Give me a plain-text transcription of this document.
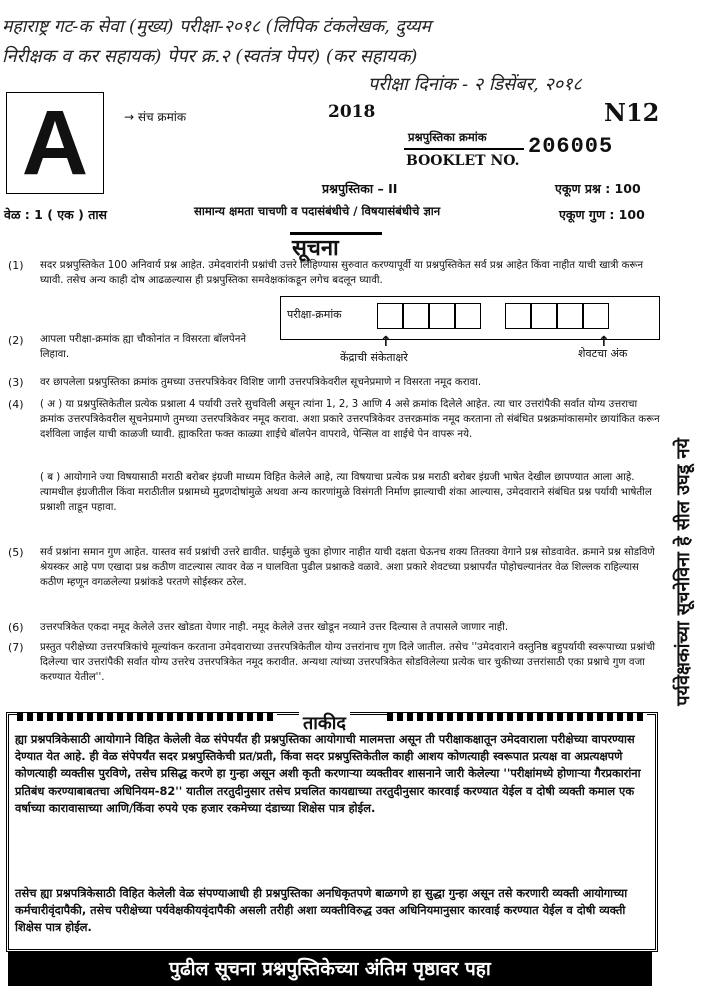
महाराष्ट्र गट-क सेवा (मुख्य) परीक्षा-२०१८ (लिपिक टंकलेखक, दुय्यम
निरीक्षक व कर सहायक) पेपर क्र.२ (स्वतंत्र पेपर) (कर सहायक)
परीक्षा दिनांक - २ डिसेंबर, २०१८
A	→ संच क्रमांक	2018	N12
प्रश्नपुस्तिका क्रमांक
BOOKLET NO.
206005
प्रश्नपुस्तिका – II	एकूण प्रश्न : 100
वेळ : 1 ( एक ) तास	सामान्य क्षमता चाचणी व पदासंबंधीचे / विषयासंबंधीचे ज्ञान	एकूण गुण : 100
सूचना
(1) सदर प्रश्नपुस्तिकेत 100 अनिवार्य प्रश्न आहेत. उमेदवारांनी प्रश्नांची उत्तरे लिहिण्यास सुरुवात करण्यापूर्वी या प्रश्नपुस्तिकेत सर्व प्रश्न आहेत किंवा नाहीत याची खात्री करून घ्यावी. तसेच अन्य काही दोष आढळल्यास ही प्रश्नपुस्तिका समवेक्षकांकडून लगेच बदलून घ्यावी.
परीक्षा-क्रमांक
↑
केंद्राची संकेताक्षरे
↑
शेवटचा अंक
(2) आपला परीक्षा-क्रमांक ह्या चौकोनांत न विसरता बॉलपेनने लिहावा.
(3) वर छापलेला प्रश्नपुस्तिका क्रमांक तुमच्या उत्तरपत्रिकेवर विशिष्ट जागी उत्तरपत्रिकेवरील सूचनेप्रमाणे न विसरता नमूद करावा.
(4) ( अ ) या प्रश्नपुस्तिकेतील प्रत्येक प्रश्नाला 4 पर्यायी उत्तरे सुचविली असून त्यांना 1, 2, 3 आणि 4 असे क्रमांक दिलेले आहेत. त्या चार उत्तरांपैकी सर्वात योग्य उत्तराचा क्रमांक उत्तरपत्रिकेवरील सूचनेप्रमाणे तुमच्या उत्तरपत्रिकेवर नमूद करावा. अशा प्रकारे उत्तरपत्रिकेवर उत्तरक्रमांक नमूद करताना तो संबंधित प्रश्नक्रमांकासमोर छायांकित करून दर्शविला जाईल याची काळजी घ्यावी. ह्याकरिता फक्त काळ्या शाईचे बॉलपेन वापरावे, पेन्सिल वा शाईचे पेन वापरू नये.
( ब ) आयोगाने ज्या विषयासाठी मराठी बरोबर इंग्रजी माध्यम विहित केलेले आहे, त्या विषयाचा प्रत्येक प्रश्न मराठी बरोबर इंग्रजी भाषेत देखील छापण्यात आला आहे. त्यामधील इंग्रजीतील किंवा मराठीतील प्रश्नामध्ये मुद्रणदोषांमुळे अथवा अन्य कारणांमुळे विसंगती निर्माण झाल्याची शंका आल्यास, उमेदवाराने संबंधित प्रश्न पर्यायी भाषेतील प्रश्नाशी ताडून पहावा.
(5) सर्व प्रश्नांना समान गुण आहेत. यास्तव सर्व प्रश्नांची उत्तरे द्यावीत. घाईमुळे चुका होणार नाहीत याची दक्षता घेऊनच शक्य तितक्या वेगाने प्रश्न सोडवावेत. क्रमाने प्रश्न सोडविणे श्रेयस्कर आहे पण एखादा प्रश्न कठीण वाटल्यास त्यावर वेळ न घालविता पुढील प्रश्नाकडे वळावे. अशा प्रकारे शेवटच्या प्रश्नापर्यंत पोहोचल्यानंतर वेळ शिल्लक राहिल्यास कठीण म्हणून वगळलेल्या प्रश्नांकडे परतणे सोईस्कर ठरेल.
(6) उत्तरपत्रिकेत एकदा नमूद केलेले उत्तर खोडता येणार नाही. नमूद केलेले उत्तर खोडून नव्याने उत्तर दिल्यास ते तपासले जाणार नाही.
(7) प्रस्तुत परीक्षेच्या उत्तरपत्रिकांचे मूल्यांकन करताना उमेदवाराच्या उत्तरपत्रिकेतील योग्य उत्तरांनाच गुण दिले जातील. तसेच ''उमेदवाराने वस्तुनिष्ठ बहुपर्यायी स्वरूपाच्या प्रश्नांची दिलेल्या चार उत्तरांपैकी सर्वात योग्य उत्तरेच उत्तरपत्रिकेत नमूद करावीत. अन्यथा त्यांच्या उत्तरपत्रिकेत सोडविलेल्या प्रत्येक चार चुकीच्या उत्तरांसाठी एका प्रश्नाचे गुण वजा करण्यात येतील''.	पर्यवेक्षकांच्या सूचनेविना हे सील उघडू नये
ताकीद
ह्या प्रश्नपत्रिकेसाठी आयोगाने विहित केलेली वेळ संपेपर्यंत ही प्रश्नपुस्तिका आयोगाची मालमत्ता असून ती परीक्षाकक्षातून उमेदवाराला परीक्षेच्या वापरण्यास देण्यात येत आहे. ही वेळ संपेपर्यंत सदर प्रश्नपुस्तिकेची प्रत/प्रती, किंवा सदर प्रश्नपुस्तिकेतील काही आशय कोणत्याही स्वरूपात प्रत्यक्ष वा अप्रत्यक्षपणे कोणत्याही व्यक्तीस पुरविणे, तसेच प्रसिद्ध करणे हा गुन्हा असून अशी कृती करणाऱ्या व्यक्तीवर शासनाने जारी केलेल्या ''परीक्षांमध्ये होणाऱ्या गैरप्रकारांना प्रतिबंध करण्याबाबतचा अधिनियम-82'' यातील तरतुदीनुसार तसेच प्रचलित कायद्याच्या तरतुदीनुसार कारवाई करण्यात येईल व दोषी व्यक्ती कमाल एक वर्षाच्या कारावासाच्या आणि/किंवा रुपये एक हजार रकमेच्या दंडाच्या शिक्षेस पात्र होईल.
तसेच ह्या प्रश्नपत्रिकेसाठी विहित केलेली वेळ संपण्याआधी ही प्रश्नपुस्तिका अनधिकृतपणे बाळगणे हा सुद्धा गुन्हा असून तसे करणारी व्यक्ती आयोगाच्या कर्मचारीवृंदापैकी, तसेच परीक्षेच्या पर्यवेक्षकीयवृंदापैकी असली तरीही अशा व्यक्तीविरुद्ध उक्त अधिनियमानुसार कारवाई करण्यात येईल व दोषी व्यक्ती शिक्षेस पात्र होईल.
पुढील सूचना प्रश्नपुस्तिकेच्या अंतिम पृष्ठावर पहा
